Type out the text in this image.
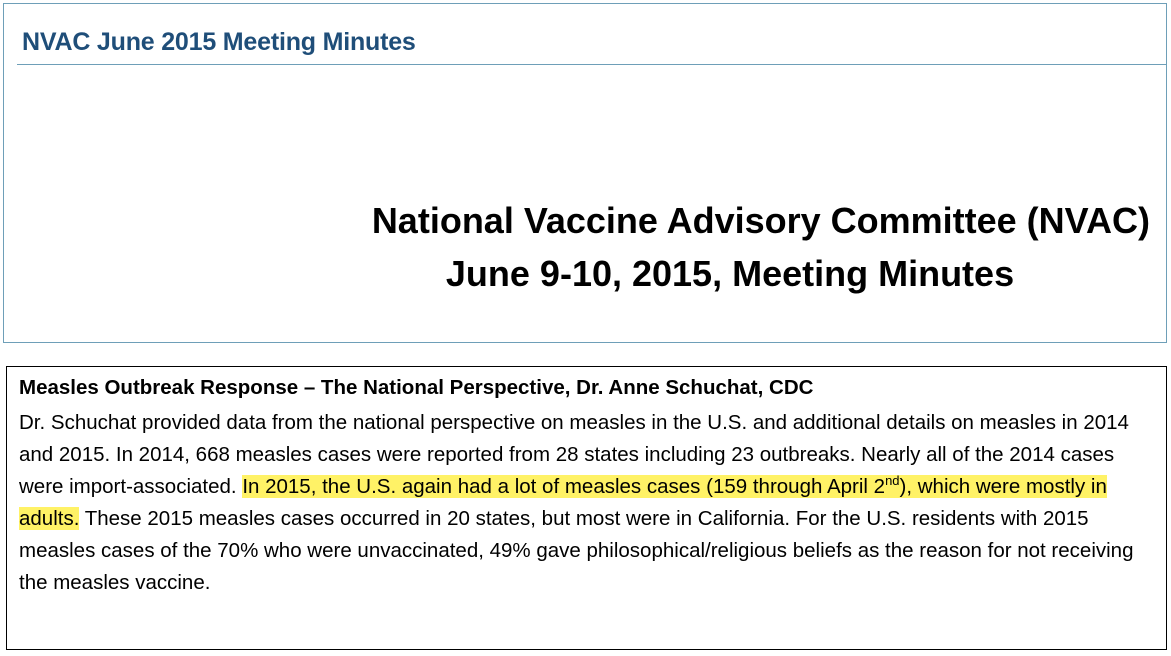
NVAC June 2015 Meeting Minutes
National Vaccine Advisory Committee (NVAC)
June 9-10, 2015, Meeting Minutes
Measles Outbreak Response – The National Perspective, Dr. Anne Schuchat, CDC
Dr. Schuchat provided data from the national perspective on measles in the U.S. and additional details on measles in 2014 and 2015. In 2014, 668 measles cases were reported from 28 states including 23 outbreaks. Nearly all of the 2014 cases were import-associated. In 2015, the U.S. again had a lot of measles cases (159 through April 2nd), which were mostly in adults. These 2015 measles cases occurred in 20 states, but most were in California. For the U.S. residents with 2015 measles cases of the 70% who were unvaccinated, 49% gave philosophical/religious beliefs as the reason for not receiving the measles vaccine.
